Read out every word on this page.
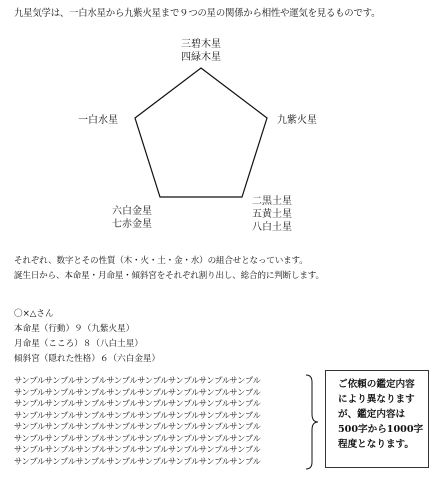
九星気学は、一白水星から九紫火星まで９つの星の関係から相性や運気を見るものです。
三碧木星
四緑木星
一白水星	九紫火星
二黒土星
五黄土星
八白土星
六白金星
七赤金星
それぞれ、数字とその性質（木・火・土・金・水）の組合せとなっています。
誕生日から、本命星・月命星・傾斜宮をそれぞれ割り出し、総合的に判断します。
〇×△さん
本命星（行動）９（九紫火星）
月命星（こころ）８（八白土星）
傾斜宮（隠れた性格）６（六白金星）
サンプルサンプルサンプルサンプルサンプルサンプルサンプルサンプル
サンプルサンプルサンプルサンプルサンプルサンプルサンプルサンプル
サンプルサンプルサンプルサンプルサンプルサンプルサンプルサンプル
サンプルサンプルサンプルサンプルサンプルサンプルサンプルサンプル
サンプルサンプルサンプルサンプルサンプルサンプルサンプルサンプル
サンプルサンプルサンプルサンプルサンプルサンプルサンプルサンプル
サンプルサンプルサンプルサンプルサンプルサンプルサンプルサンプル
サンプルサンプルサンプルサンプルサンプルサンプルサンプルサンプル
ご依頼の鑑定内容
により異なります
が、鑑定内容は
500字から1000字
程度となります。
